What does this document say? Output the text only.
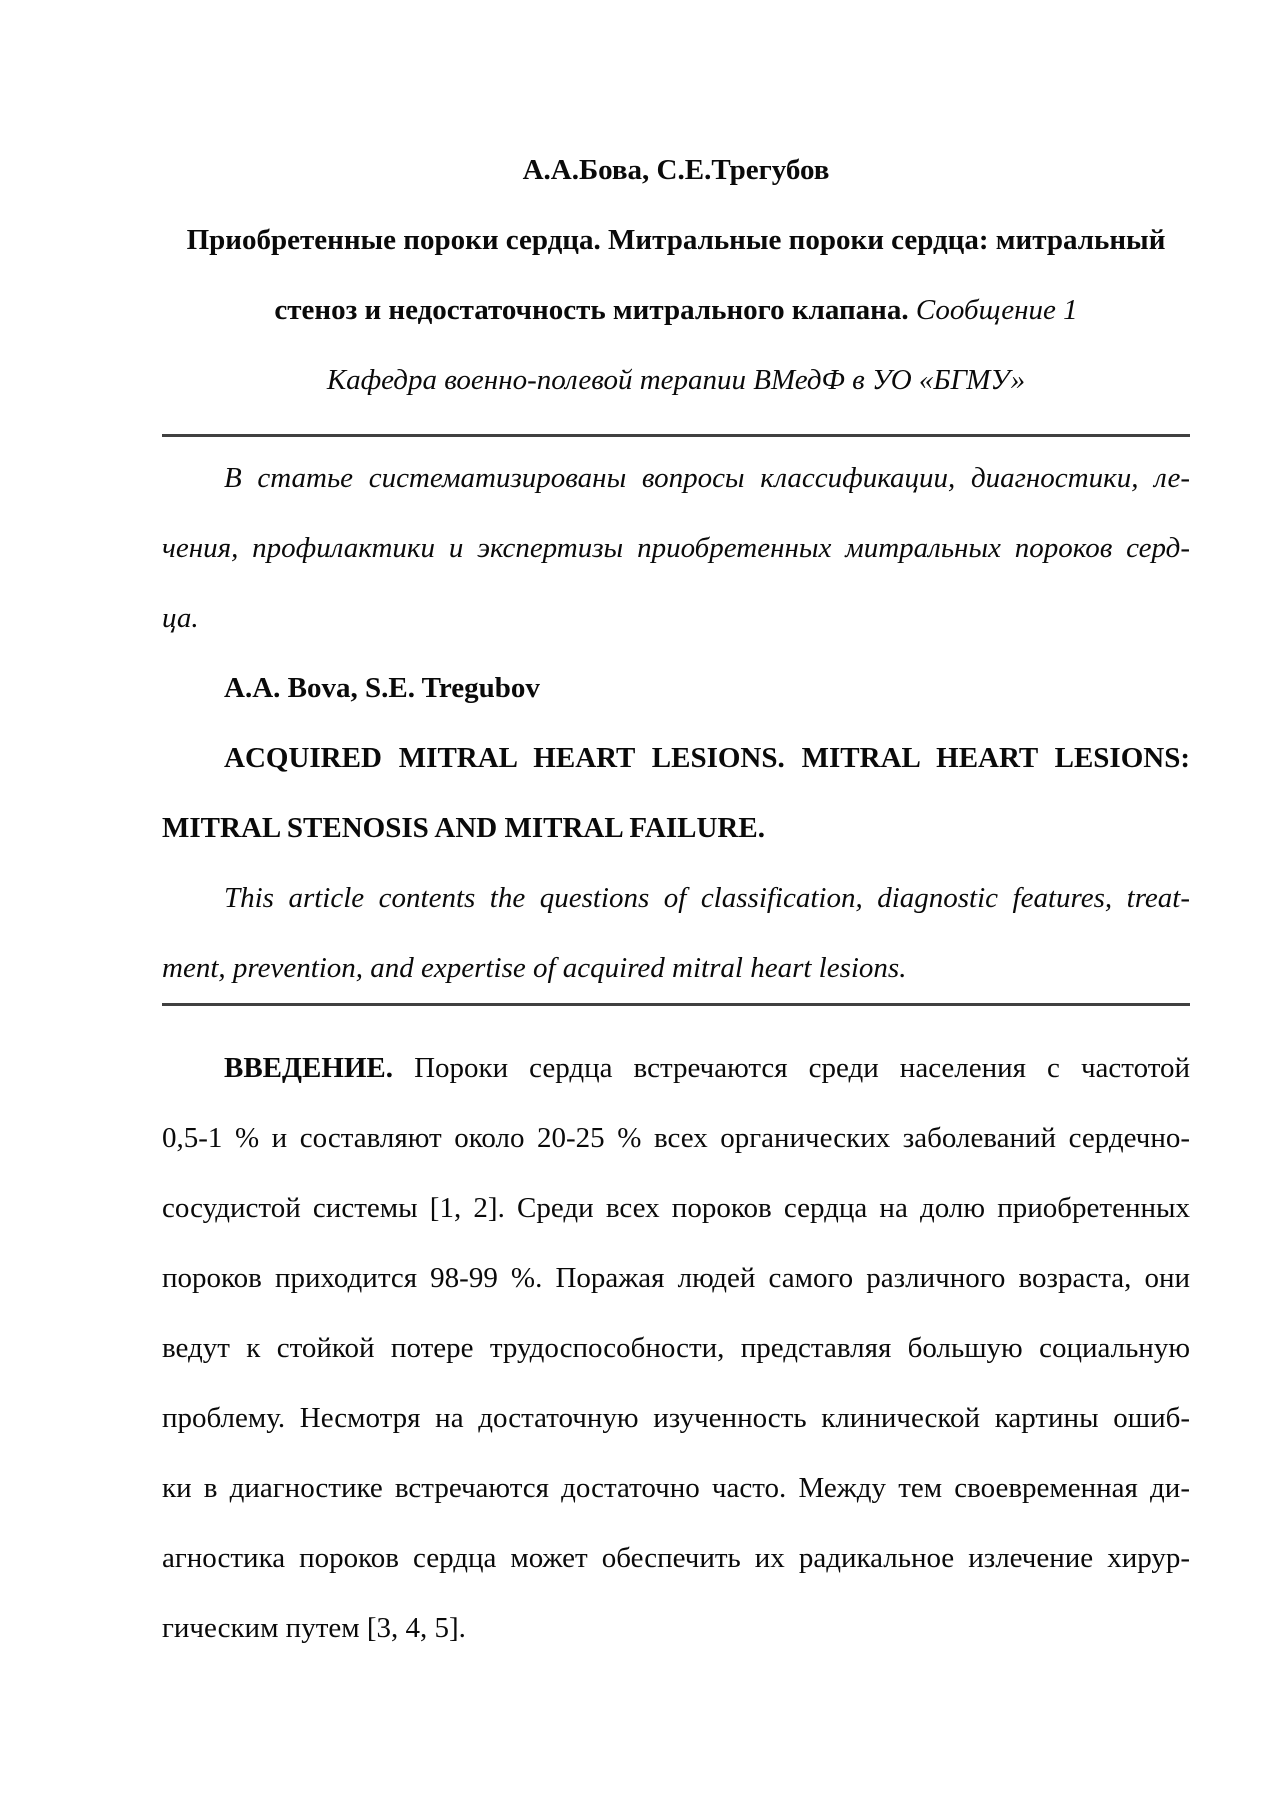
А.А.Бова, С.Е.Трегубов
Приобретенные пороки сердца. Митральные пороки сердца: митральный
стеноз и недостаточность митрального клапана. Сообщение 1
Кафедра военно-полевой терапии ВМедФ в УО «БГМУ»
В статье систематизированы вопросы классификации, диагностики, ле-
чения, профилактики и экспертизы приобретенных митральных пороков серд-
ца.
A.A. Bova, S.E. Tregubov
ACQUIRED MITRAL HEART LESIONS. MITRAL HEART LESIONS:
MITRAL STENOSIS AND MITRAL FAILURE.
This article contents the questions of classification, diagnostic features, treat-
ment, prevention, and expertise of acquired mitral heart lesions.
ВВЕДЕНИЕ. Пороки сердца встречаются среди населения с частотой
0,5-1 % и составляют около 20-25 % всех органических заболеваний сердечно-
сосудистой системы [1, 2]. Среди всех пороков сердца на долю приобретенных
пороков приходится 98-99 %. Поражая людей самого различного возраста, они
ведут к стойкой потере трудоспособности, представляя большую социальную
проблему. Несмотря на достаточную изученность клинической картины ошиб-
ки в диагностике встречаются достаточно часто. Между тем своевременная ди-
агностика пороков сердца может обеспечить их радикальное излечение хирур-
гическим путем [3, 4, 5].
